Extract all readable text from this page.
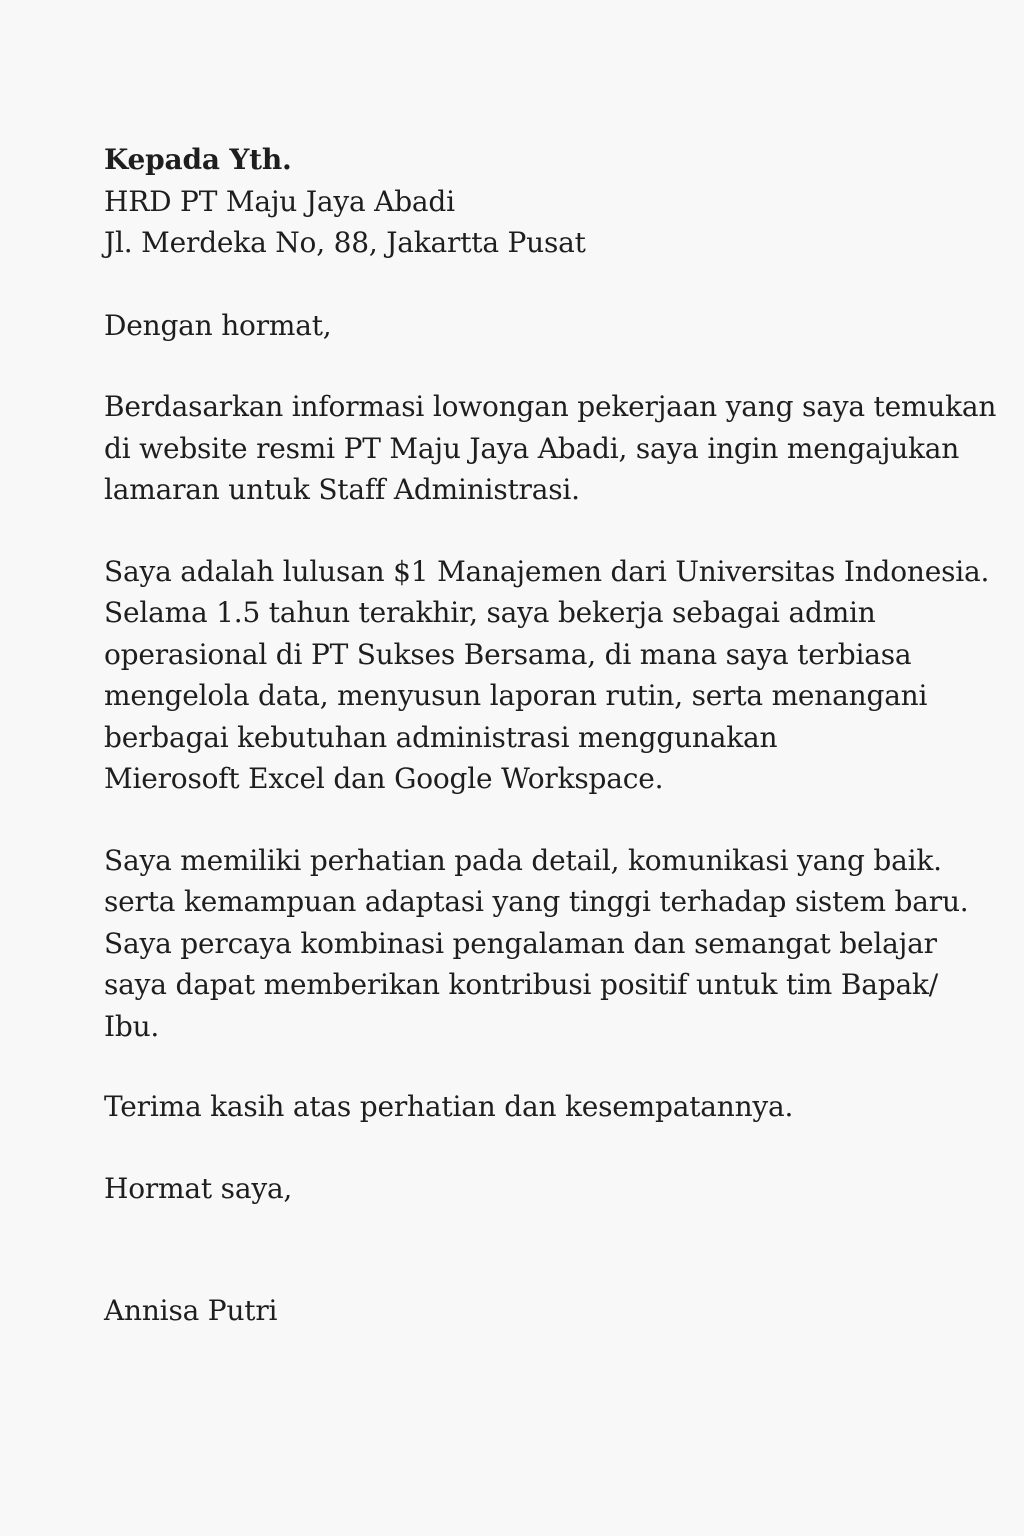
Kepada Yth.
HRD PT Maju Jaya Abadi
Jl. Merdeka No, 88, Jakartta Pusat
Dengan hormat,
Berdasarkan informasi lowongan pekerjaan yang saya temukan
di website resmi PT Maju Jaya Abadi, saya ingin mengajukan
lamaran untuk Staff Administrasi.
Saya adalah lulusan $1 Manajemen dari Universitas Indonesia.
Selama 1.5 tahun terakhir, saya bekerja sebagai admin
operasional di PT Sukses Bersama, di mana saya terbiasa
mengelola data, menyusun laporan rutin, serta menangani
berbagai kebutuhan administrasi menggunakan
Mierosoft Excel dan Google Workspace.
Saya memiliki perhatian pada detail, komunikasi yang baik.
serta kemampuan adaptasi yang tinggi terhadap sistem baru.
Saya percaya kombinasi pengalaman dan semangat belajar
saya dapat memberikan kontribusi positif untuk tim Bapak/
Ibu.
Terima kasih atas perhatian dan kesempatannya.
Hormat saya,
Annisa Putri
